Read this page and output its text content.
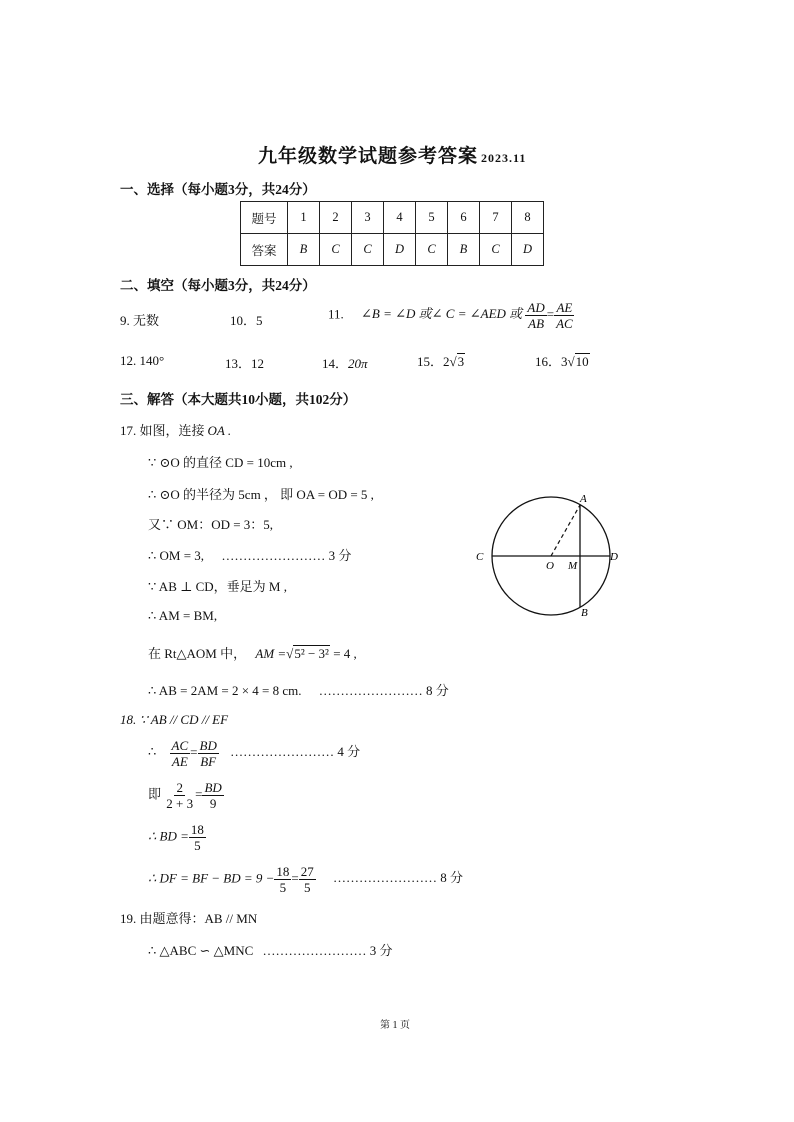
九年级数学试题参考答案 2023.11
一、选择（每小题3分，共24分）
题号	1	2	3	4	5	6	7	8
答案	B	C	C	D	C	B	C	D
二、填空（每小题3分，共24分）
9. 无数	10．5	11. ∠B = ∠D 或∠ C = ∠AED 或 $\frac{AD}{AB} = \frac{AE}{AC}$
12. 140°	13．12	14．20π	15．2√3	16．3√10
三、解答（本大题共10小题，共102分）
17. 如图，连接 OA .
∵ ⊙O 的直径 CD = 10cm ,
∴ ⊙O 的半径为 5cm ， 即 OA = OD = 5 ,
又∵ OM：OD = 3：5,
∴ OM = 3, …………………… 3 分
∵ AB ⊥ CD，垂足为 M ,
∴ AM = BM,
在 Rt△AOM 中， AM =√5² − 3² = 4 ,
∴ AB = 2AM = 2 × 4 = 8 cm. …………………… 8 分
A
B
C	D
O M
18. ∵ AB // CD // EF
∴ $\frac{AC}{AE} = \frac{BD}{BF}$ …………………… 4 分
即 $\frac{2}{2 + 3} = \frac{BD}{9}$
∴ BD = $\frac{18}{5}$
∴ DF = BF − BD = $9 - \frac{18}{5} = \frac{27}{5}$ …………………… 8 分
19. 由题意得：AB // MN
∴ △ABC ∽ △MNC …………………… 3 分
第 1 页
